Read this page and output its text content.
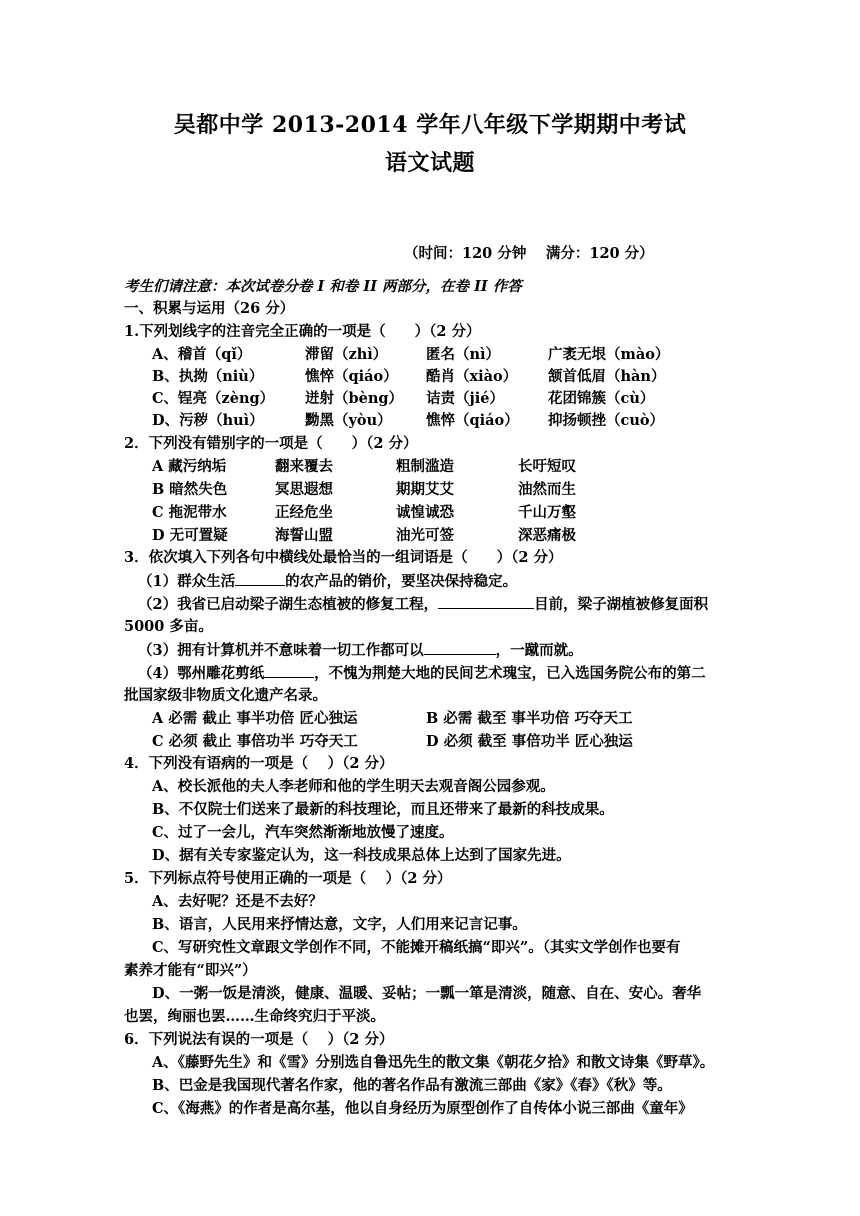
吴都中学 2013-2014 学年八年级下学期期中考试
语文试题
（时间：120 分钟　 满分：120 分）
考生们请注意：本次试卷分卷 I 和卷 II 两部分，在卷 II 作答
一、积累与运用（26 分）
1.下列划线字的注音完全正确的一项是（　　）（2 分）
A、稽首（qǐ）	滞留（zhì）	匿名（nì）	广袤无垠（mào）
B、执拗（niù）	憔悴（qiáo） 酷肖（xiào） 颔首低眉（hàn）
C、锃亮（zèng） 迸射（bèng） 诘责（jié）	花团锦簇（cù）
D、污秽（huì）	黝黑（yòu） 憔悴（qiáo） 抑扬顿挫（cuò）
2．下列没有错别字的一项是（　　）（2 分）
A 藏污纳垢	翻来覆去	粗制滥造	长吁短叹
B 暗然失色	冥思遐想	期期艾艾	油然而生
C 拖泥带水	正经危坐	诚惶诚恐	千山万壑
D 无可置疑	海誓山盟	油光可签	深恶痛极
3．依次填入下列各句中横线处最恰当的一组词语是（　　）（2 分）
（1）群众生活	的农产品的销价，要坚决保持稳定。
（2）我省已启动梁子湖生态植被的修复工程，	目前，梁子湖植被修复面积
5000 多亩。
（3）拥有计算机并不意味着一切工作都可以	，一蹴而就。
（4）鄂州雕花剪纸	，不愧为荆楚大地的民间艺术瑰宝，已入选国务院公布的第二
批国家级非物质文化遗产名录。
A 必需 截止 事半功倍 匠心独运	B 必需 截至 事半功倍 巧夺天工
C 必须 截止 事倍功半 巧夺天工	D 必须 截至 事倍功半 匠心独运
4．下列没有语病的一项是（　 ）（2 分）
A、校长派他的夫人李老师和他的学生明天去观音阁公园参观。
B、不仅院士们送来了最新的科技理论，而且还带来了最新的科技成果。
C、过了一会儿，汽车突然渐渐地放慢了速度。
D、据有关专家鉴定认为，这一科技成果总体上达到了国家先进。
5．下列标点符号使用正确的一项是（　 ）（2 分）
A、去好呢？还是不去好？
B、语言，人民用来抒情达意，文字，人们用来记言记事。
C、写研究性文章跟文学创作不同，不能摊开稿纸搞“即兴”。（其实文学创作也要有
素养才能有“即兴”）
D、一粥一饭是清淡，健康、温暖、妥帖；一瓢一箪是清淡，随意、自在、安心。奢华
也罢，绚丽也罢……生命终究归于平淡。
6．下列说法有误的一项是（　 ）（2 分）
A、《藤野先生》和《雪》分别选自鲁迅先生的散文集《朝花夕拾》和散文诗集《野草》。
B、巴金是我国现代著名作家，他的著名作品有激流三部曲《家》《春》《秋》等。
C、《海燕》的作者是高尔基，他以自身经历为原型创作了自传体小说三部曲《童年》
